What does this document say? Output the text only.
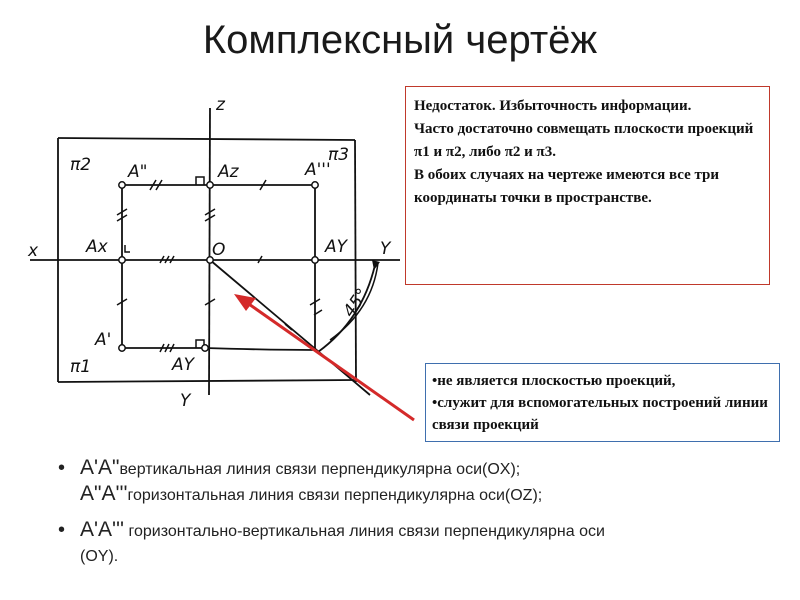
Комплексный чертёж
z
x	Y
Y
O
π2	π3
π1
A"	Az	A'''
Ax	AY
A'
AY
45°

Недостаток. Избыточность информации.

Часто достаточно совмещать плоскости проекций π1 и π2, либо π2 и π3.

В обоих случаях на чертеже имеются все три координаты точки в пространстве.

•не является плоскостью проекций,

•служит для вспомогательных построений линии связи проекций

• А'А"вертикальная линия связи перпендикулярна оси(OX);
А"А'''горизонтальная линия связи перпендикулярна оси(OZ);
• А'А''' горизонтально-вертикальная линия связи перпендикулярна оси
(OY).
